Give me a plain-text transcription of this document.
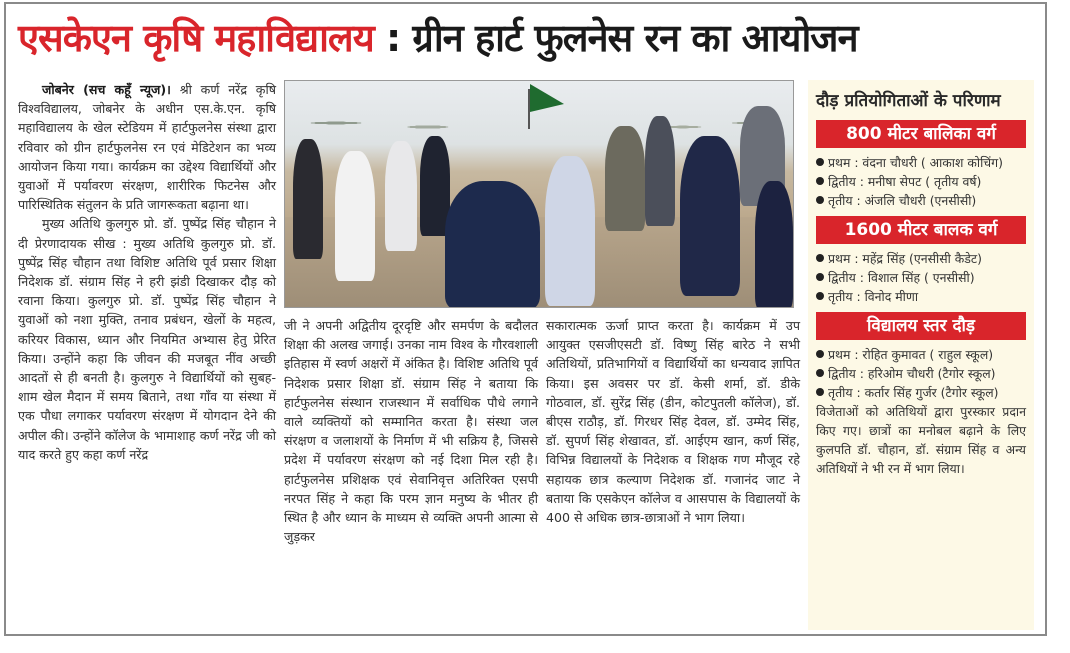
एसकेएन कृषि महाविद्यालय : ग्रीन हार्ट फुलनेस रन का आयोजन

जोबनेर (सच कहूँ न्यूज)। श्री कर्ण नरेंद्र कृषि विश्वविद्यालय, जोबनेर के अधीन एस.के.एन. कृषि महाविद्यालय के खेल स्टेडियम में हार्टफुलनेस संस्था द्वारा रविवार को ग्रीन हार्टफुलनेस रन एवं मेडिटेशन का भव्य आयोजन किया गया। कार्यक्रम का उद्देश्य विद्यार्थियों और युवाओं में पर्यावरण संरक्षण, शारीरिक फिटनेस और पारिस्थितिक संतुलन के प्रति जागरूकता बढ़ाना था।

मुख्य अतिथि कुलगुरु प्रो. डॉ. पुष्पेंद्र सिंह चौहान ने दी प्रेरणादायक सीख : मुख्य अतिथि कुलगुरु प्रो. डॉ. पुष्पेंद्र सिंह चौहान तथा विशिष्ट अतिथि पूर्व प्रसार शिक्षा निदेशक डॉ. संग्राम सिंह ने हरी झंडी दिखाकर दौड़ को रवाना किया। कुलगुरु प्रो. डॉ. पुष्पेंद्र सिंह चौहान ने युवाओं को नशा मुक्ति, तनाव प्रबंधन, खेलों के महत्व, करियर विकास, ध्यान और नियमित अभ्यास हेतु प्रेरित किया। उन्होंने कहा कि जीवन की मजबूत नींव अच्छी आदतों से ही बनती है। कुलगुरु ने विद्यार्थियों को सुबह-शाम खेल मैदान में समय बिताने, तथा गाँव या संस्था में एक पौधा लगाकर पर्यावरण संरक्षण में योगदान देने की अपील की। उन्होंने कॉलेज के भामाशाह कर्ण नरेंद्र जी को याद करते हुए कहा कर्ण नरेंद्र

जी ने अपनी अद्वितीय दूरदृष्टि और समर्पण के बदौलत शिक्षा की अलख जगाई। उनका नाम विश्व के गौरवशाली इतिहास में स्वर्ण अक्षरों में अंकित है। विशिष्ट अतिथि पूर्व निदेशक प्रसार शिक्षा डॉ. संग्राम सिंह ने बताया कि हार्टफुलनेस संस्थान राजस्थान में सर्वाधिक पौधे लगाने वाले व्यक्तियों को सम्मानित करता है। संस्था जल संरक्षण व जलाशयों के निर्माण में भी सक्रिय है, जिससे प्रदेश में पर्यावरण संरक्षण को नई दिशा मिल रही है। हार्टफुलनेस प्रशिक्षक एवं सेवानिवृत्त अतिरिक्त एसपी नरपत सिंह ने कहा कि परम ज्ञान मनुष्य के भीतर ही स्थित है और ध्यान के माध्यम से व्यक्ति अपनी आत्मा से जुड़कर

सकारात्मक ऊर्जा प्राप्त करता है। कार्यक्रम में उप आयुक्त एसजीएसटी डॉ. विष्णु सिंह बारेठ ने सभी अतिथियों, प्रतिभागियों व विद्यार्थियों का धन्यवाद ज्ञापित किया। इस अवसर पर डॉ. केसी शर्मा, डॉ. डीके गोठवाल, डॉ. सुरेंद्र सिंह (डीन, कोटपुतली कॉलेज), डॉ. बीएस राठौड़, डॉ. गिरधर सिंह देवल, डॉ. उम्मेद सिंह, डॉ. सुपर्ण सिंह शेखावत, डॉ. आईएम खान, कर्ण सिंह, विभिन्न विद्यालयों के निदेशक व शिक्षक गण मौजूद रहे सहायक छात्र कल्याण निदेशक डॉ. गजानंद जाट ने बताया कि एसकेएन कॉलेज व आसपास के विद्यालयों के 400 से अधिक छात्र-छात्राओं ने भाग लिया।

दौड़ प्रतियोगिताओं के परिणाम
800 मीटर बालिका वर्ग
प्रथम : वंदना चौधरी ( आकाश कोचिंग)
द्वितीय : मनीषा सेपट ( तृतीय वर्ष)
तृतीय : अंजलि चौधरी (एनसीसी)
1600 मीटर बालक वर्ग
प्रथम : महेंद्र सिंह (एनसीसी कैडेट)
द्वितीय : विशाल सिंह ( एनसीसी)
तृतीय : विनोद मीणा
विद्यालय स्तर दौड़
प्रथम : रोहित कुमावत ( राहुल स्कूल)
द्वितीय : हरिओम चौधरी (टैगोर स्कूल)
तृतीय : कर्तार सिंह गुर्जर (टैगोर स्कूल)

विजेताओं को अतिथियों द्वारा पुरस्कार प्रदान किए गए। छात्रों का मनोबल बढ़ाने के लिए कुलपति डॉ. चौहान, डॉ. संग्राम सिंह व अन्य अतिथियों ने भी रन में भाग लिया।
